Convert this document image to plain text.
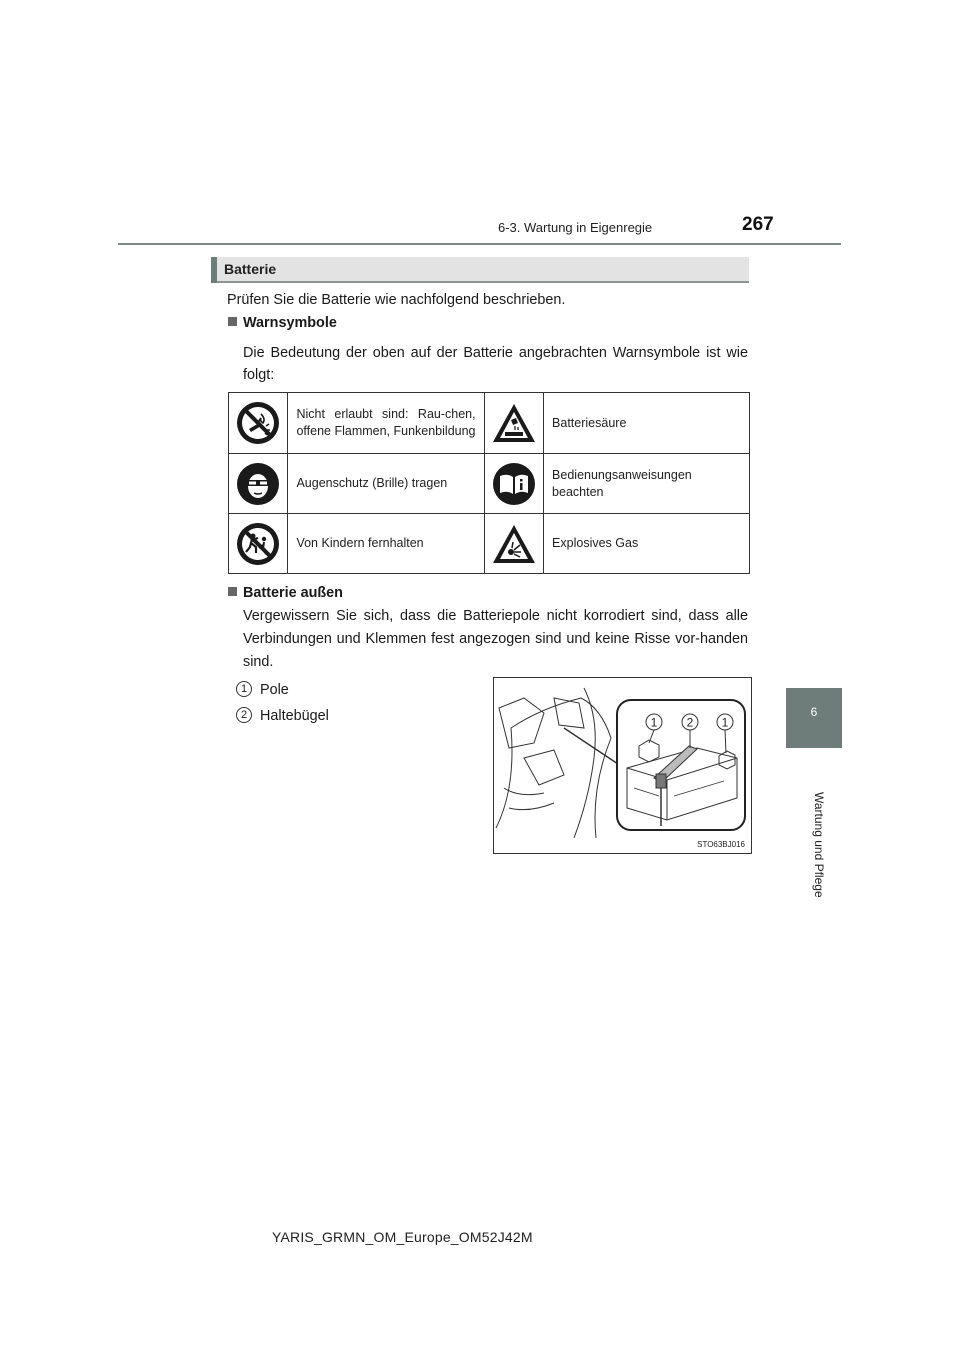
6-3. Wartung in Eigenregie	267
6
Wartung und Pflege
Batterie
Prüfen Sie die Batterie wie nachfolgend beschrieben.
Warnsymbole
Die Bedeutung der oben auf der Batterie angebrachten Warnsymbole ist wie folgt:
	Nicht erlaubt sind: Rau-chen, offene Flammen, Funkenbildung		Batteriesäure

	Augenschutz (Brille) tragen		Bedienungsanweisungen beachten

	Von Kindern fernhalten		Explosives Gas
Batterie außen
Vergewissern Sie sich, dass die Batteriepole nicht korrodiert sind, dass alle Verbindungen und Klemmen fest angezogen sind und keine Risse vor-handen sind.
1 Pole
2 Haltebügel	1 2 1
STO63BJ016
YARIS_GRMN_OM_Europe_OM52J42M
